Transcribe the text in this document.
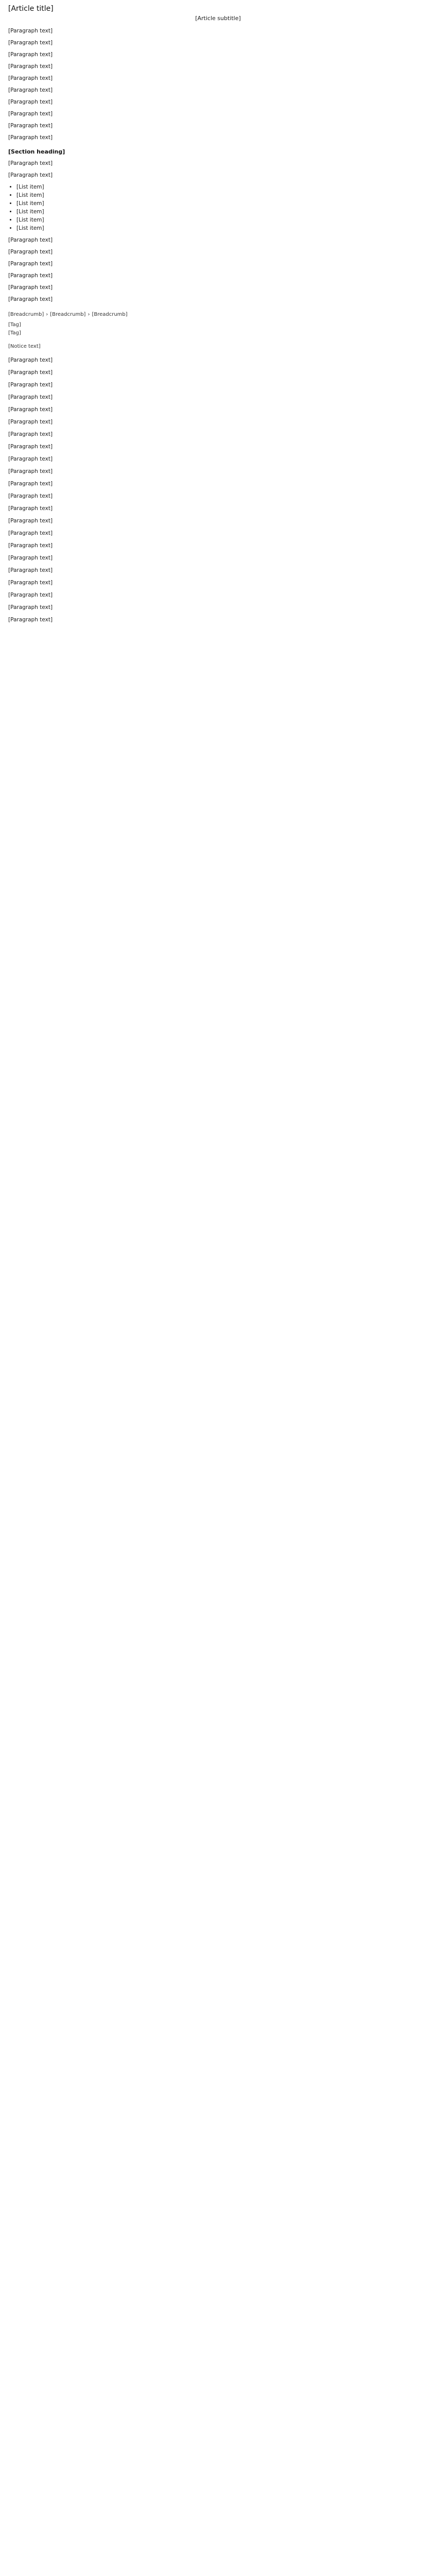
[Article title]
[Article subtitle]

[Paragraph text]

[Paragraph text]

[Paragraph text]

[Paragraph text]

[Paragraph text]

[Paragraph text]

[Paragraph text]

[Paragraph text]

[Paragraph text]

[Paragraph text]

[Section heading]

[Paragraph text]

[Paragraph text]

• [List item]
• [List item]
• [List item]
• [List item]
• [List item]
• [List item]

[Paragraph text]

[Paragraph text]

[Paragraph text]

[Paragraph text]

[Paragraph text]

[Paragraph text]

[Breadcrumb] › [Breadcrumb] › [Breadcrumb]
[Tag]
[Tag]
[Notice text]

[Paragraph text]

[Paragraph text]

[Paragraph text]

[Paragraph text]

[Paragraph text]

[Paragraph text]

[Paragraph text]

[Paragraph text]

[Paragraph text]

[Paragraph text]

[Paragraph text]

[Paragraph text]

[Paragraph text]

[Paragraph text]

[Paragraph text]

[Paragraph text]

[Paragraph text]

[Paragraph text]

[Paragraph text]

[Paragraph text]

[Paragraph text]

[Paragraph text]
